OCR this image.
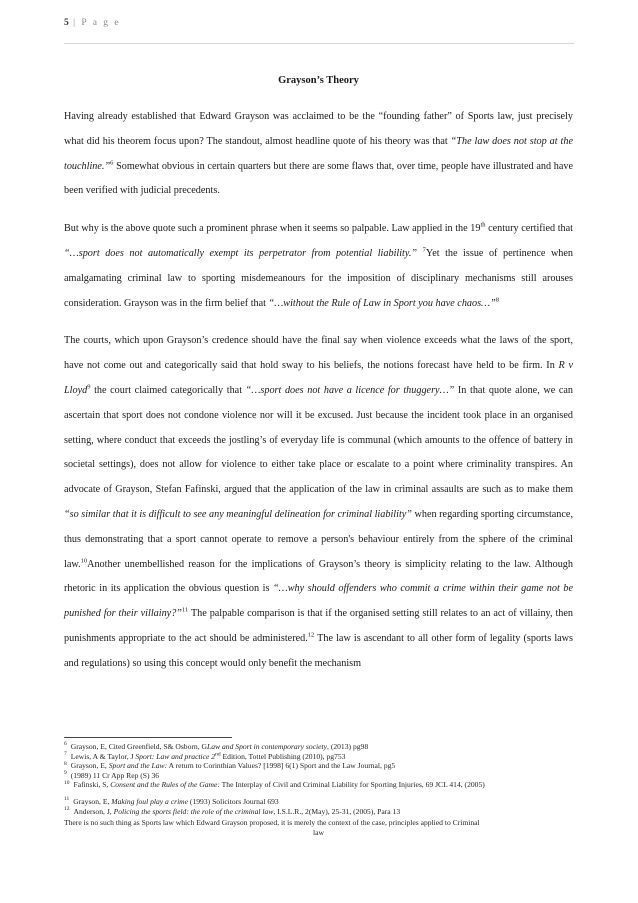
5 | P a g e
Grayson’s Theory

Having already established that Edward Grayson was acclaimed to be the “founding father” of Sports law, just precisely what did his theorem focus upon? The standout, almost headline quote of his theory was that “The law does not stop at the touchline.”$^6$ Somewhat obvious in certain quarters but there are some flaws that, over time, people have illustrated and have been verified with judicial precedents.

But why is the above quote such a prominent phrase when it seems so palpable. Law applied in the 19th century certified that “…sport does not automatically exempt its perpetrator from potential liability.” $^7$Yet the issue of pertinence when amalgamating criminal law to sporting misdemeanours for the imposition of disciplinary mechanisms still arouses consideration. Grayson was in the firm belief that “…without the Rule of Law in Sport you have chaos…”$^8$

The courts, which upon Grayson’s credence should have the final say when violence exceeds what the laws of the sport, have not come out and categorically said that hold sway to his beliefs, the notions forecast have held to be firm. In R v Lloyd$^9$ the court claimed categorically that “…sport does not have a licence for thuggery…” In that quote alone, we can ascertain that sport does not condone violence nor will it be excused. Just because the incident took place in an organised setting, where conduct that exceeds the jostling’s of everyday life is communal (which amounts to the offence of battery in societal settings), does not allow for violence to either take place or escalate to a point where criminality transpires. An advocate of Grayson, Stefan Fafinski, argued that the application of the law in criminal assaults are such as to make them “so similar that it is difficult to see any meaningful delineation for criminal liability” when regarding sporting circumstance, thus demonstrating that a sport cannot operate to remove a person's behaviour entirely from the sphere of the criminal law.$^{10}$Another unembellished reason for the implications of Grayson’s theory is simplicity relating to the law. Although rhetoric in its application the obvious question is “…why should offenders who commit a crime within their game not be punished for their villainy?”$^{11}$ The palpable comparison is that if the organised setting still relates to an act of villainy, then punishments appropriate to the act should be administered.$^{12}$ The law is ascendant to all other form of legality (sports laws and regulations) so using this concept would only benefit the mechanism

$^6$ Grayson, E, Cited Greenfield, S& Osborn, GLaw and Sport in contemporary society, (2013) pg98

$^7$ Lewis, A & Taylor, J Sport: Law and practice 2nd Edition, Tottel Publishing (2010), pg753

$^8$ Grayson, E, Sport and the Law: A return to Corinthian Values? [1998] 6(1) Sport and the Law Journal, pg5

$^9$ (1989) 11 Cr App Rep (S) 36

$^{10}$ Fafinski, S, Consent and the Rules of the Game: The Interplay of Civil and Criminal Liability for Sporting Injuries, 69 JCL 414, (2005)

$^{11}$ Grayson, E, Making foul play a crime (1993) Solicitors Journal 693

$^{12}$ Anderson, J, Policing the sports field: the role of the criminal law, I.S.L.R., 2(May), 25-31, (2005), Para 13

There is no such thing as Sports law which Edward Grayson proposed, it is merely the context of the case, principles applied to Criminal
law
